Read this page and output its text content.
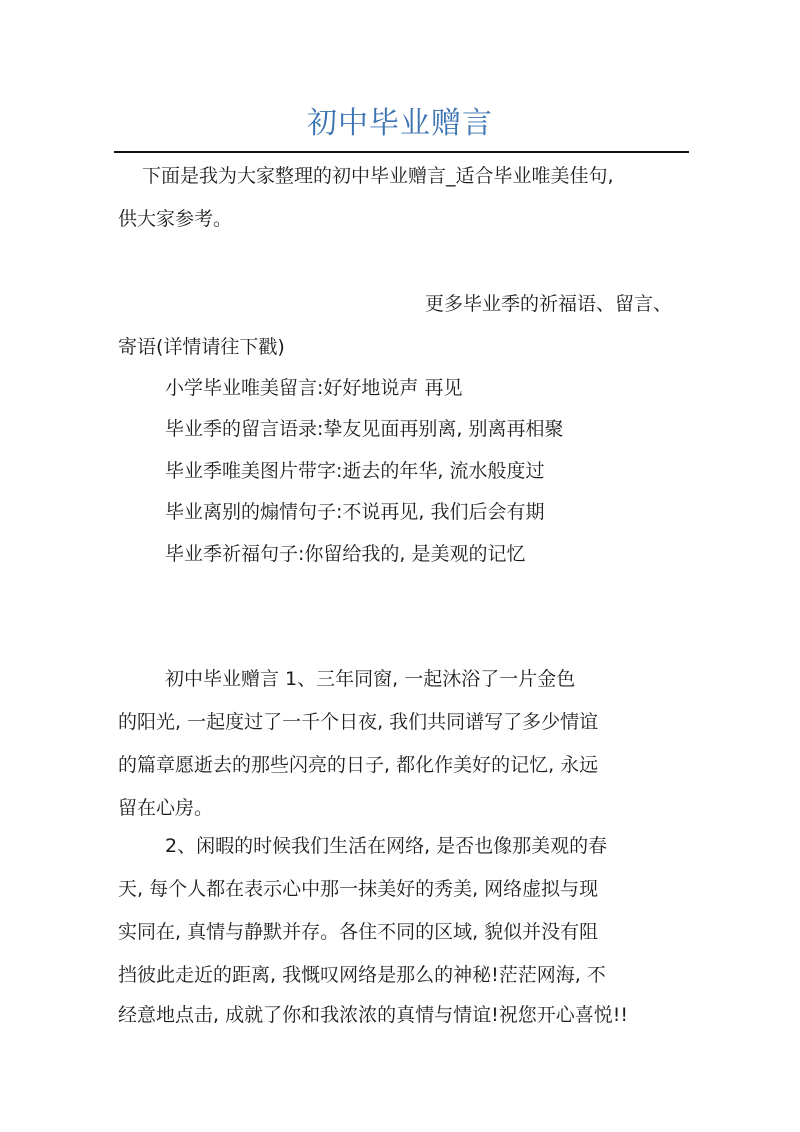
初中毕业赠言
下面是我为大家整理的初中毕业赠言_适合毕业唯美佳句,
供大家参考。
更多毕业季的祈福语、留言、
寄语(详情请往下戳)
小学毕业唯美留言:好好地说声 再见
毕业季的留言语录:挚友见面再别离, 别离再相聚
毕业季唯美图片带字:逝去的年华, 流水般度过
毕业离别的煽情句子:不说再见, 我们后会有期
毕业季祈福句子:你留给我的, 是美观的记忆
初中毕业赠言 1、三年同窗, 一起沐浴了一片金色
的阳光, 一起度过了一千个日夜, 我们共同谱写了多少情谊
的篇章愿逝去的那些闪亮的日子, 都化作美好的记忆, 永远
留在心房。
2、闲暇的时候我们生活在网络, 是否也像那美观的春
天, 每个人都在表示心中那一抹美好的秀美, 网络虚拟与现
实同在, 真情与静默并存。各住不同的区域, 貌似并没有阻
挡彼此走近的距离, 我慨叹网络是那么的神秘!茫茫网海, 不
经意地点击, 成就了你和我浓浓的真情与情谊!祝您开心喜悦!!
